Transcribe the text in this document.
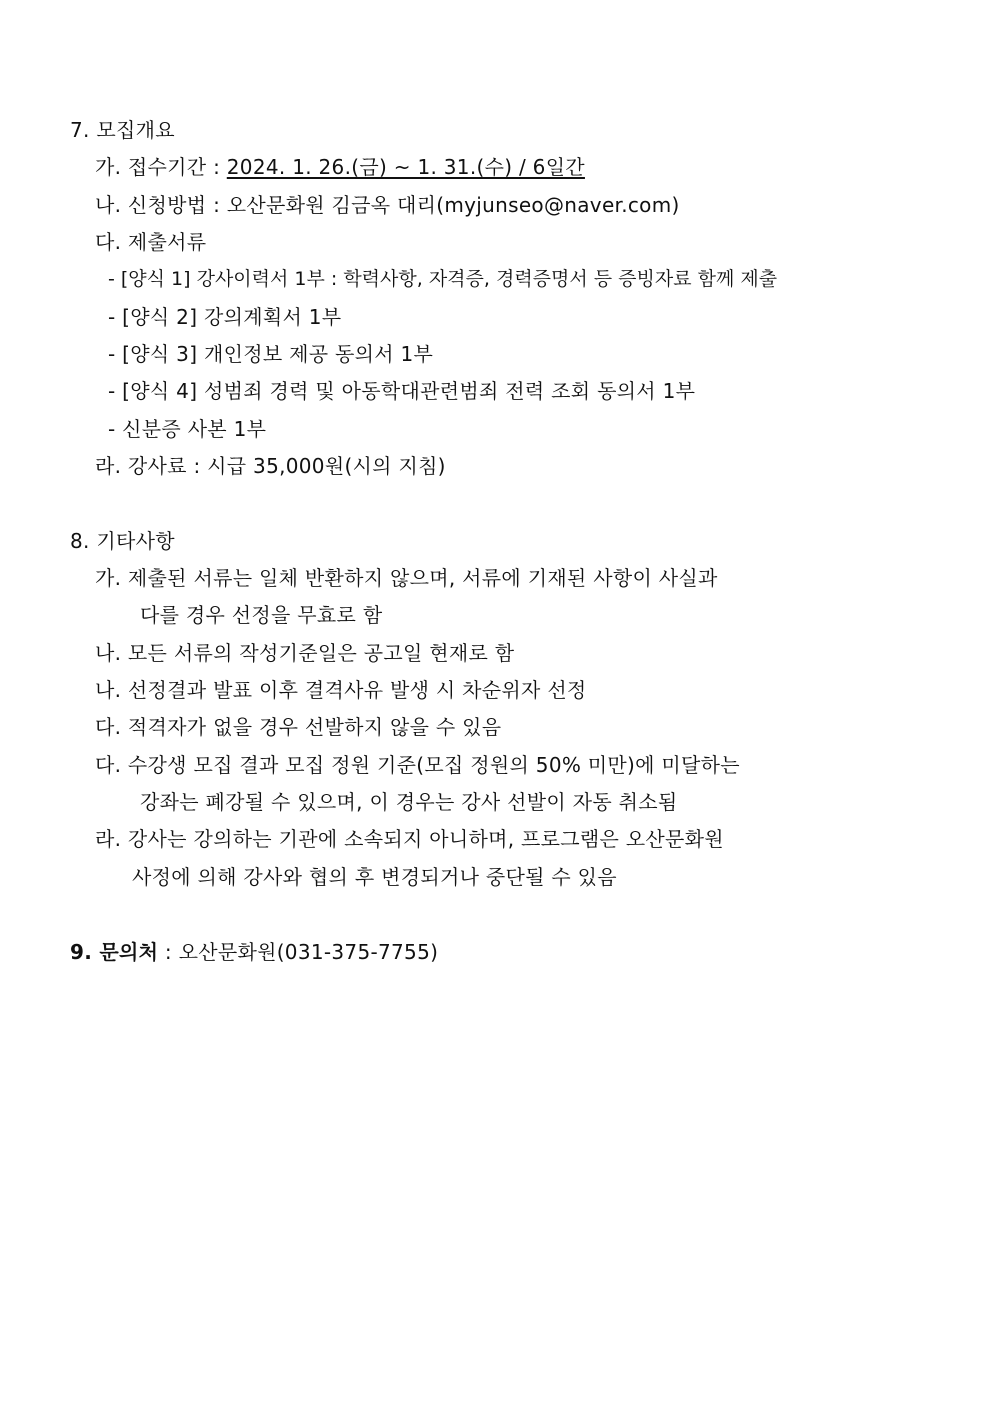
7. 모집개요
가. 접수기간 : 2024. 1. 26.(금) ~ 1. 31.(수) / 6일간
나. 신청방법 : 오산문화원 김금옥 대리(myjunseo@naver.com)
다. 제출서류
- [양식 1] 강사이력서 1부 : 학력사항, 자격증, 경력증명서 등 증빙자료 함께 제출
- [양식 2] 강의계획서 1부
- [양식 3] 개인정보 제공 동의서 1부
- [양식 4] 성범죄 경력 및 아동학대관련범죄 전력 조회 동의서 1부
- 신분증 사본 1부
라. 강사료 : 시급 35,000원(시의 지침)
8. 기타사항
가. 제출된 서류는 일체 반환하지 않으며, 서류에 기재된 사항이 사실과
다를 경우 선정을 무효로 함
나. 모든 서류의 작성기준일은 공고일 현재로 함
나. 선정결과 발표 이후 결격사유 발생 시 차순위자 선정
다. 적격자가 없을 경우 선발하지 않을 수 있음
다. 수강생 모집 결과 모집 정원 기준(모집 정원의 50% 미만)에 미달하는
강좌는 폐강될 수 있으며, 이 경우는 강사 선발이 자동 취소됨
라. 강사는 강의하는 기관에 소속되지 아니하며, 프로그램은 오산문화원
사정에 의해 강사와 협의 후 변경되거나 중단될 수 있음
9. 문의처 : 오산문화원(031-375-7755)
